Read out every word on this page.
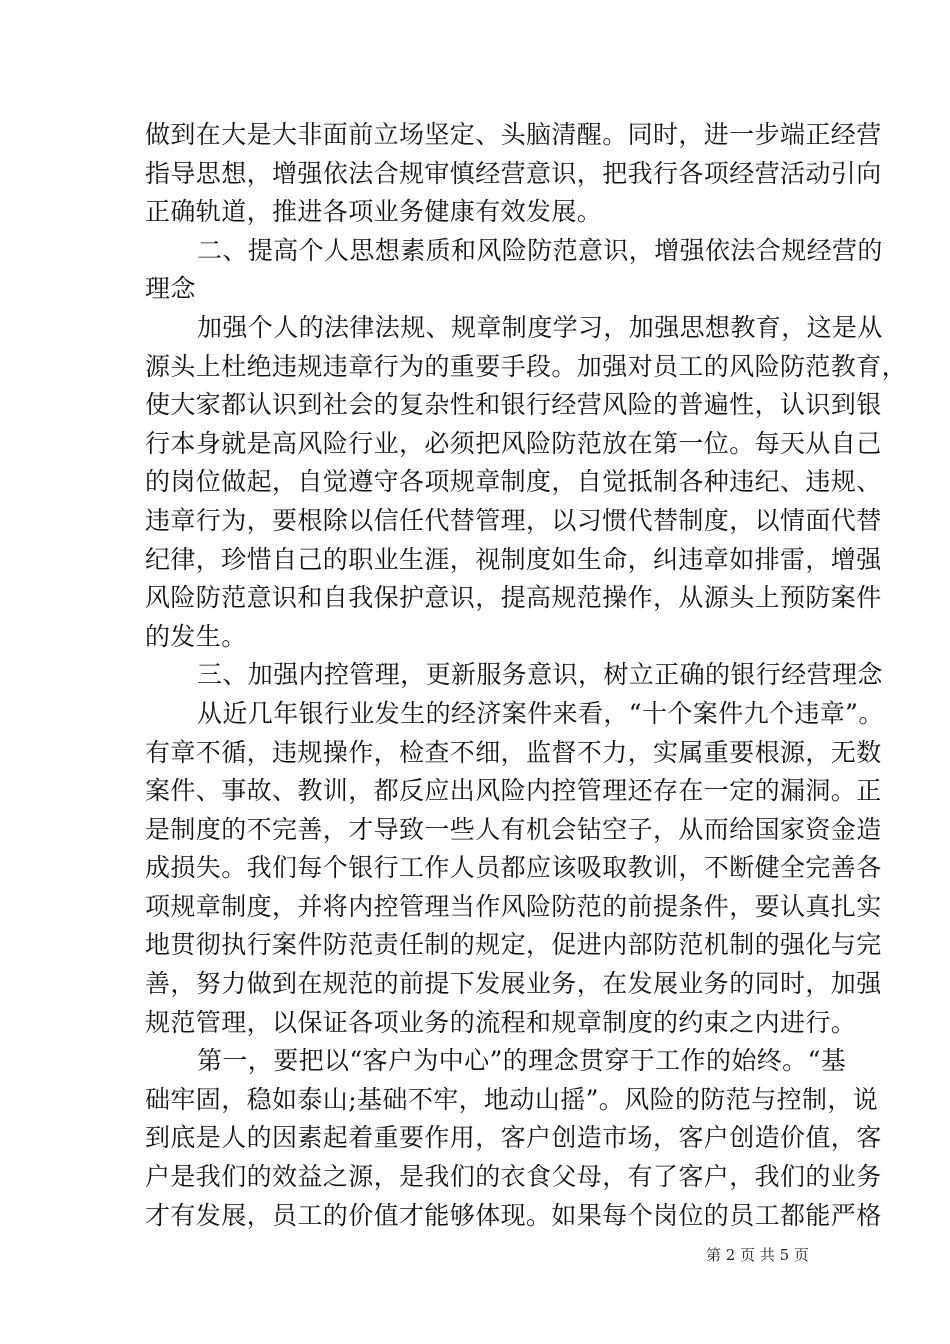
做到在大是大非面前立场坚定、头脑清醒。同时，进一步端正经营
指导思想，增强依法合规审慎经营意识，把我行各项经营活动引向
正确轨道，推进各项业务健康有效发展。
二、提高个人思想素质和风险防范意识，增强依法合规经营的
理念
加强个人的法律法规、规章制度学习，加强思想教育，这是从
源头上杜绝违规违章行为的重要手段。加强对员工的风险防范教育，
使大家都认识到社会的复杂性和银行经营风险的普遍性，认识到银
行本身就是高风险行业，必须把风险防范放在第一位。每天从自己
的岗位做起，自觉遵守各项规章制度，自觉抵制各种违纪、违规、
违章行为，要根除以信任代替管理，以习惯代替制度，以情面代替
纪律，珍惜自己的职业生涯，视制度如生命，纠违章如排雷，增强
风险防范意识和自我保护意识，提高规范操作，从源头上预防案件
的发生。
三、加强内控管理，更新服务意识，树立正确的银行经营理念
从近几年银行业发生的经济案件来看，“十个案件九个违章”。
有章不循，违规操作，检查不细，监督不力，实属重要根源，无数
案件、事故、教训，都反应出风险内控管理还存在一定的漏洞。正
是制度的不完善，才导致一些人有机会钻空子，从而给国家资金造
成损失。我们每个银行工作人员都应该吸取教训，不断健全完善各
项规章制度，并将内控管理当作风险防范的前提条件，要认真扎实
地贯彻执行案件防范责任制的规定，促进内部防范机制的强化与完
善，努力做到在规范的前提下发展业务，在发展业务的同时，加强
规范管理，以保证各项业务的流程和规章制度的约束之内进行。
第一，要把以“客户为中心”的理念贯穿于工作的始终。“基
础牢固，稳如泰山;基础不牢，地动山摇”。风险的防范与控制，说
到底是人的因素起着重要作用，客户创造市场，客户创造价值，客
户是我们的效益之源，是我们的衣食父母，有了客户，我们的业务
才有发展，员工的价值才能够体现。如果每个岗位的员工都能严格
第 2 页 共 5 页
